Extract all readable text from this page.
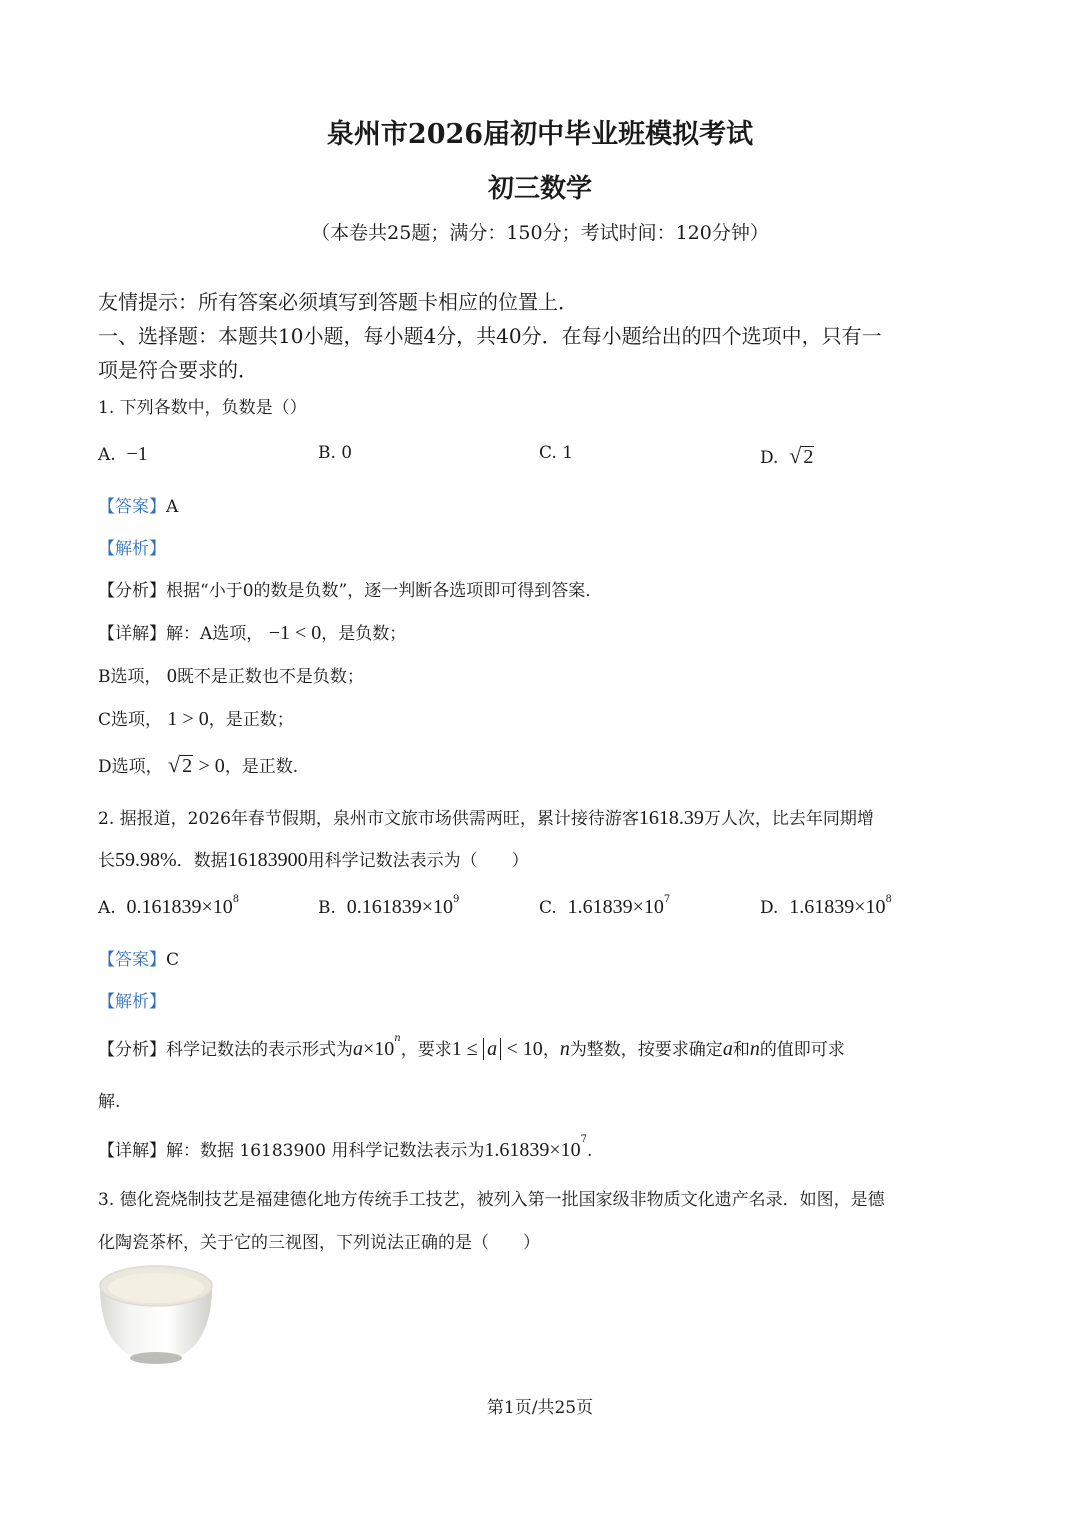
泉州市2026届初中毕业班模拟考试
初三数学
（本卷共25题；满分：150分；考试时间：120分钟）
友情提示：所有答案必须填写到答题卡相应的位置上．
一、选择题：本题共10小题，每小题4分，共40分．在每小题给出的四个选项中，只有一
项是符合要求的．
1. 下列各数中，负数是（）
A. −1	B. 0	C. 1	D. √ 2
【答案】A
【解析】
【分析】根据“小于0的数是负数”，逐一判断各选项即可得到答案．
【详解】解：A选项， −1 < 0，是负数；
B选项， 0既不是正数也不是负数；
C选项， 1 > 0，是正数；
D选项， √ 2 > 0，是正数.
2. 据报道，2026年春节假期，泉州市文旅市场供需两旺，累计接待游客1618.39万人次，比去年同期增
长59.98%．数据16183900用科学记数法表示为（　　）
A. $0.161839\times 10^8$	B. $0.161839\times 10^9$	C. $1.61839\times 10^7$	D. $1.61839\times 10^8$
【答案】C
【解析】
【分析】科学记数法的表示形式为$a\times 10^n$，要求1 ≤ a < 10，n为整数，按要求确定a和n的值即可求
解.
【详解】解：数据 16183900 用科学记数法表示为$1.61839\times 10^7$.
3. 德化瓷烧制技艺是福建德化地方传统手工技艺，被列入第一批国家级非物质文化遗产名录．如图，是德
化陶瓷茶杯，关于它的三视图，下列说法正确的是（　　）
第1页/共25页
